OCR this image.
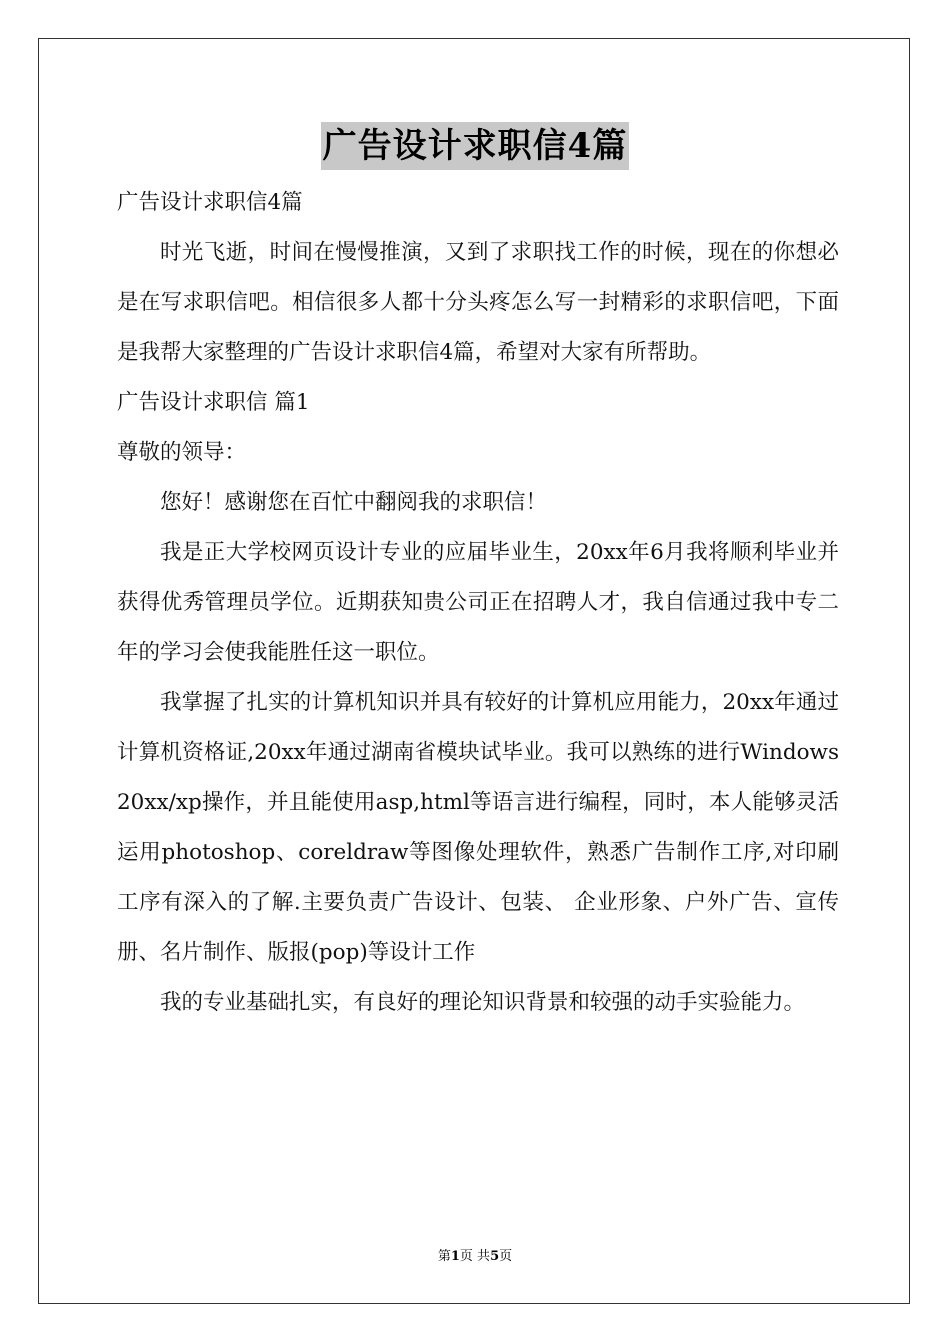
广告设计求职信4篇

广告设计求职信4篇

时光飞逝，时间在慢慢推演，又到了求职找工作的时候，现在的你想必是在写求职信吧。相信很多人都十分头疼怎么写一封精彩的求职信吧，下面是我帮大家整理的广告设计求职信4篇，希望对大家有所帮助。

广告设计求职信 篇1

尊敬的领导：

您好！感谢您在百忙中翻阅我的求职信！

我是正大学校网页设计专业的应届毕业生，20xx年6月我将顺利毕业并获得优秀管理员学位。近期获知贵公司正在招聘人才，我自信通过我中专二年的学习会使我能胜任这一职位。

我掌握了扎实的计算机知识并具有较好的计算机应用能力，20xx年通过计算机资格证,20xx年通过湖南省模块试毕业。我可以熟练的进行Windows 20xx/xp操作，并且能使用asp,html等语言进行编程，同时，本人能够灵活运用photoshop、coreldraw等图像处理软件，熟悉广告制作工序,对印刷工序有深入的了解.主要负责广告设计、包装、 企业形象、户外广告、宣传册、名片制作、版报(pop)等设计工作

我的专业基础扎实，有良好的理论知识背景和较强的动手实验能力。

第1页 共5页
